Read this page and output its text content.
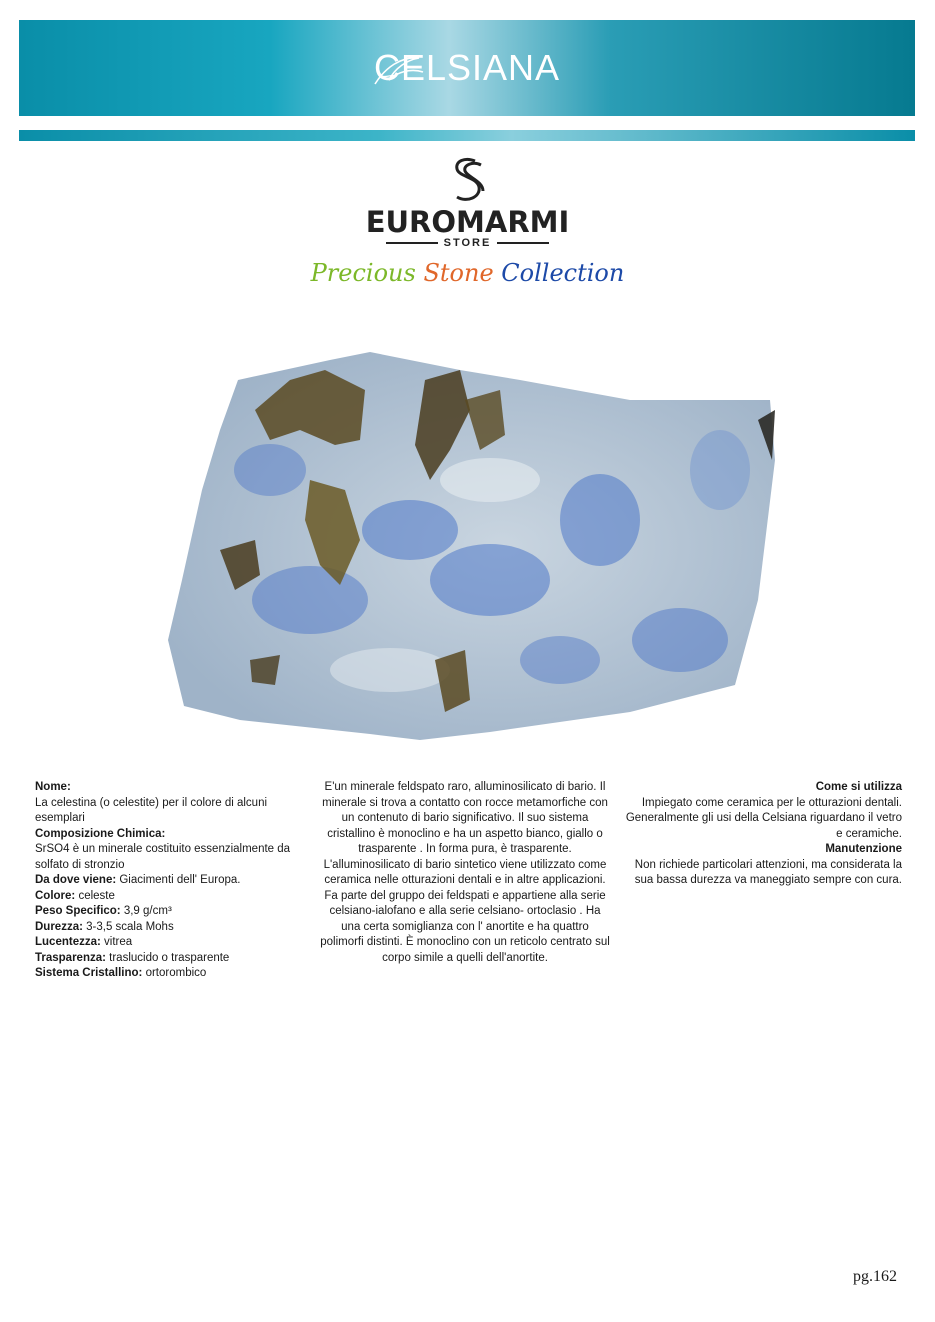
CELSIANA
EUROMARMI
STORE
Precious Stone Collection
Nome:
La celestina (o celestite) per il colore di alcuni esemplari
Composizione Chimica:
SrSO4 è un minerale costituito essenzialmente da solfato di stronzio
Da dove viene: Giacimenti dell' Europa.
Colore: celeste
Peso Specifico: 3,9 g/cm³
Durezza: 3-3,5 scala Mohs
Lucentezza: vitrea
Trasparenza: traslucido o trasparente
Sistema Cristallino: ortorombico
E'un minerale feldspato raro, alluminosilicato di bario. Il minerale si trova a contatto con rocce metamorfiche con un contenuto di bario significativo. Il suo sistema cristallino è monoclino e ha un aspetto bianco, giallo o trasparente . In forma pura, è trasparente. L'alluminosilicato di bario sintetico viene utilizzato come ceramica nelle otturazioni dentali e in altre applicazioni. Fa parte del gruppo dei feldspati e appartiene alla serie celsiano-ialofano e alla serie celsiano- ortoclasio . Ha una certa somiglianza con l' anortite e ha quattro polimorfi distinti. È monoclino con un reticolo centrato sul corpo simile a quelli dell'anortite.
Come si utilizza
Impiegato come ceramica per le otturazioni dentali. Generalmente gli usi della Celsiana riguardano il vetro e ceramiche.
Manutenzione
Non richiede particolari attenzioni, ma considerata la sua bassa durezza va maneggiato sempre con cura.
pg.162
